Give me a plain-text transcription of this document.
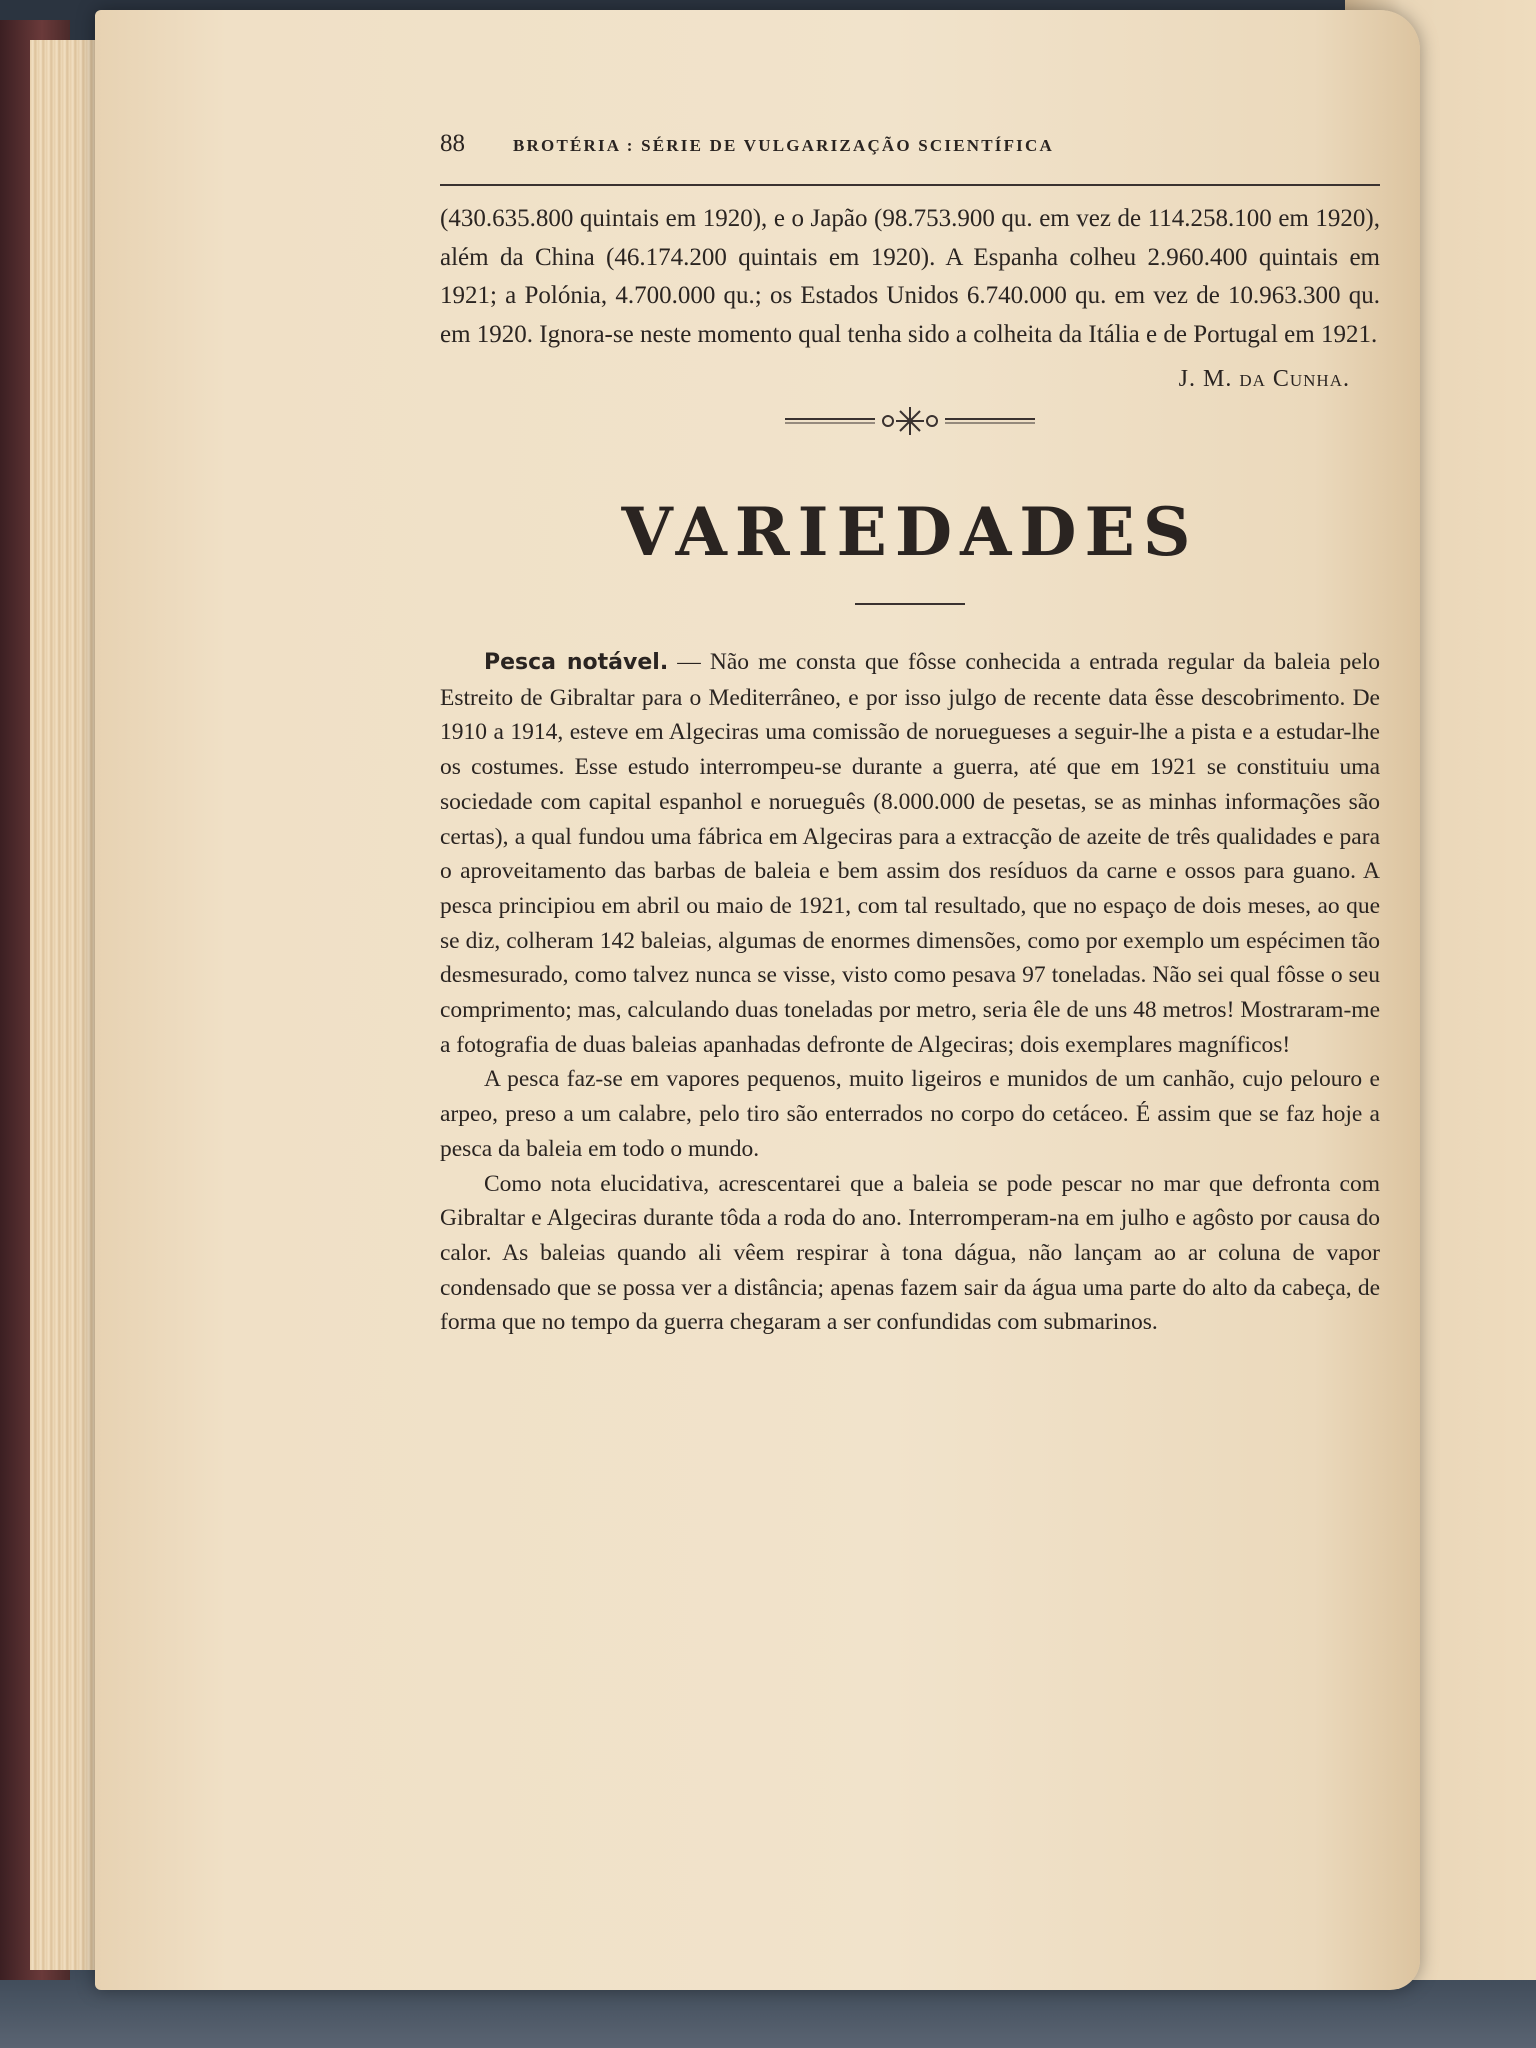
88	BROTÉRIA : SÉRIE DE VULGARIZAÇÃO SCIENTÍFICA

(430.635.800 quintais em 1920), e o Japão (98.753.900 qu. em vez de 114.258.100 em 1920), além da China (46.174.200 quintais em 1920). A Espanha colheu 2.960.400 quintais em 1921; a Polónia, 4.700.000 qu.; os Estados Unidos 6.740.000 qu. em vez de 10.963.300 qu. em 1920. Ignora-se neste momento qual tenha sido a colheita da Itália e de Portugal em 1921.

J. M. da Cunha.
VARIEDADES

Pesca notável. — Não me consta que fôsse conhecida a entrada regular da baleia pelo Estreito de Gibraltar para o Mediterrâneo, e por isso julgo de recente data êsse descobrimento. De 1910 a 1914, esteve em Algeciras uma comissão de noruegueses a seguir-lhe a pista e a estudar-lhe os costumes. Esse estudo interrompeu-se durante a guerra, até que em 1921 se constituiu uma sociedade com capital espanhol e norueguês (8.000.000 de pesetas, se as minhas informações são certas), a qual fundou uma fábrica em Algeciras para a extracção de azeite de três qualidades e para o aproveitamento das barbas de baleia e bem assim dos resíduos da carne e ossos para guano. A pesca principiou em abril ou maio de 1921, com tal resultado, que no espaço de dois meses, ao que se diz, colheram 142 baleias, algumas de enormes dimensões, como por exemplo um espécimen tão desmesurado, como talvez nunca se visse, visto como pesava 97 toneladas. Não sei qual fôsse o seu comprimento; mas, calculando duas toneladas por metro, seria êle de uns 48 metros! Mostraram-me a fotografia de duas baleias apanhadas defronte de Algeciras; dois exemplares magníficos!

A pesca faz-se em vapores pequenos, muito ligeiros e munidos de um canhão, cujo pelouro e arpeo, preso a um calabre, pelo tiro são enterrados no corpo do cetáceo. É assim que se faz hoje a pesca da baleia em todo o mundo.

Como nota elucidativa, acrescentarei que a baleia se pode pescar no mar que defronta com Gibraltar e Algeciras durante tôda a roda do ano. Interromperam-na em julho e agôsto por causa do calor. As baleias quando ali vêem respirar à tona dágua, não lançam ao ar coluna de vapor condensado que se possa ver a distância; apenas fazem sair da água uma parte do alto da cabeça, de forma que no tempo da guerra chegaram a ser confundidas com submarinos.
